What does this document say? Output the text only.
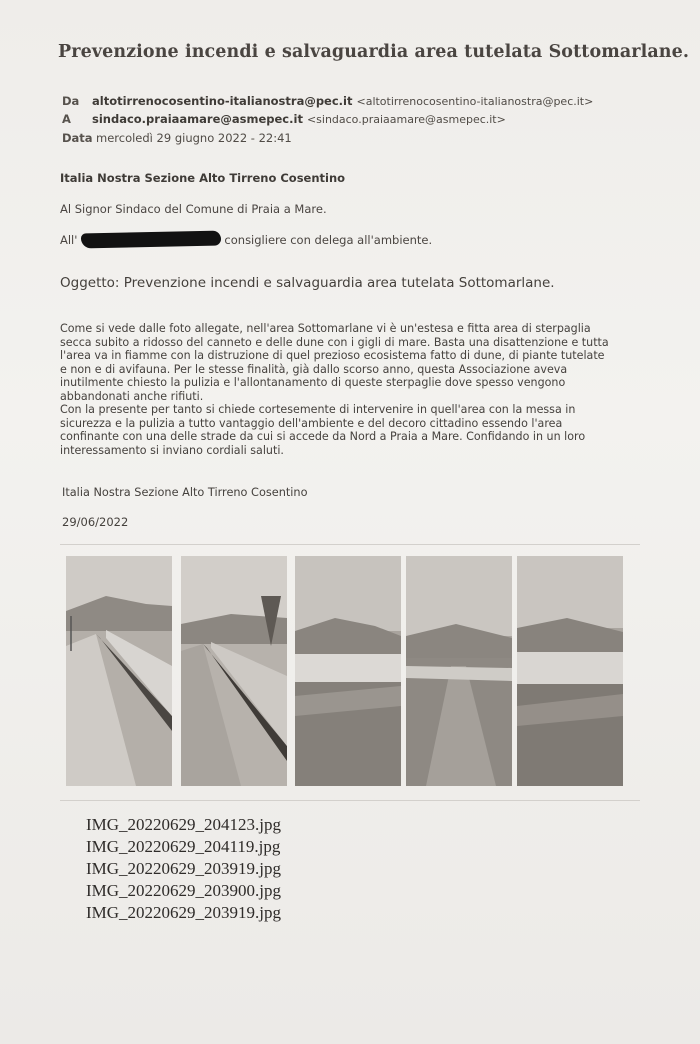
Prevenzione incendi e salvaguardia area tutelata Sottomarlane.
Da altotirrenocosentino-italianostra@pec.it <altotirrenocosentino-italianostra@pec.it>
A sindaco.praiaamare@asmepec.it <sindaco.praiaamare@asmepec.it>
Data mercoledì 29 giugno 2022 - 22:41
Italia Nostra Sezione Alto Tirreno Cosentino
Al Signor Sindaco del Comune di Praia a Mare.
All'	consigliere con delega all'ambiente.
Oggetto: Prevenzione incendi e salvaguardia area tutelata Sottomarlane.

Come si vede dalle foto allegate, nell'area Sottomarlane vi è un'estesa e fitta area di sterpaglia

secca subito a ridosso del canneto e delle dune con i gigli di mare. Basta una disattenzione e tutta

l'area va in fiamme con la distruzione di quel prezioso ecosistema fatto di dune, di piante tutelate

e non e di avifauna. Per le stesse finalità, già dallo scorso anno, questa Associazione aveva

inutilmente chiesto la pulizia e l'allontanamento di queste sterpaglie dove spesso vengono

abbandonati anche rifiuti.

Con la presente per tanto si chiede cortesemente di intervenire in quell'area con la messa in

sicurezza e la pulizia a tutto vantaggio dell'ambiente e del decoro cittadino essendo l'area

confinante con una delle strade da cui si accede da Nord a Praia a Mare. Confidando in un loro

interessamento si inviano cordiali saluti.

Italia Nostra Sezione Alto Tirreno Cosentino
29/06/2022
IMG_20220629_204123.jpg
IMG_20220629_204119.jpg
IMG_20220629_203919.jpg
IMG_20220629_203900.jpg
IMG_20220629_203919.jpg
